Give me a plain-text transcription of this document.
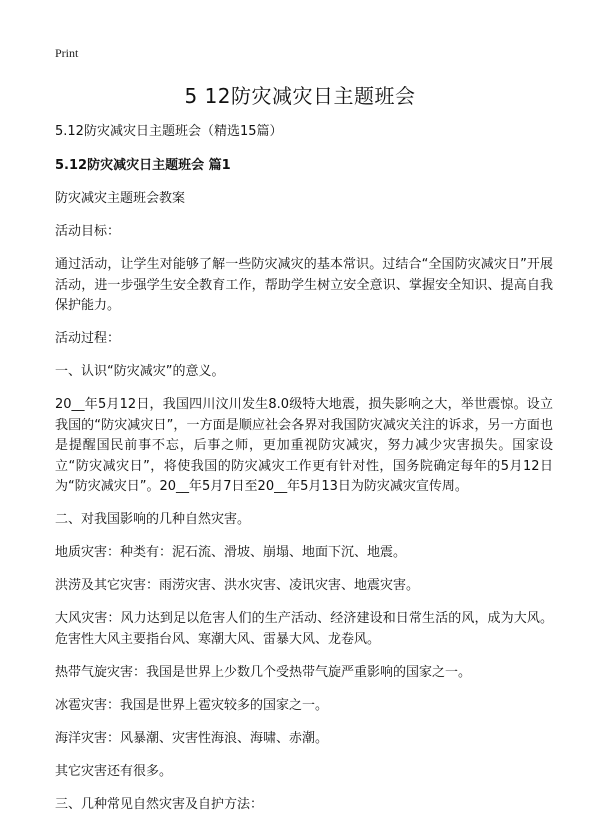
Print
5 12防灾减灾日主题班会

5.12防灾减灾日主题班会（精选15篇）

5.12防灾减灾日主题班会 篇1

防灾减灾主题班会教案

活动目标：

通过活动，让学生对能够了解一些防灾减灾的基本常识。过结合“全国防灾减灾日”开展活动，进一步强学生安全教育工作，帮助学生树立安全意识、掌握安全知识、提高自我保护能力。

活动过程：

一、认识“防灾减灾”的意义。

20__年5月12日，我国四川汶川发生8.0级特大地震，损失影响之大，举世震惊。设立我国的“防灾减灾日”，一方面是顺应社会各界对我国防灾减灾关注的诉求，另一方面也是提醒国民前事不忘，后事之师，更加重视防灾减灾，努力减少灾害损失。国家设立“防灾减灾日”，将使我国的防灾减灾工作更有针对性，国务院确定每年的5月12日为“防灾减灾日”。20__年5月7日至20__年5月13日为防灾减灾宣传周。

二、对我国影响的几种自然灾害。

地质灾害：种类有：泥石流、滑坡、崩塌、地面下沉、地震。

洪涝及其它灾害：雨涝灾害、洪水灾害、凌讯灾害、地震灾害。

大风灾害：风力达到足以危害人们的生产活动、经济建设和日常生活的风，成为大风。危害性大风主要指台风、寒潮大风、雷暴大风、龙卷风。

热带气旋灾害：我国是世界上少数几个受热带气旋严重影响的国家之一。

冰雹灾害：我国是世界上雹灾较多的国家之一。

海洋灾害：风暴潮、灾害性海浪、海啸、赤潮。

其它灾害还有很多。

三、几种常见自然灾害及自护方法：
